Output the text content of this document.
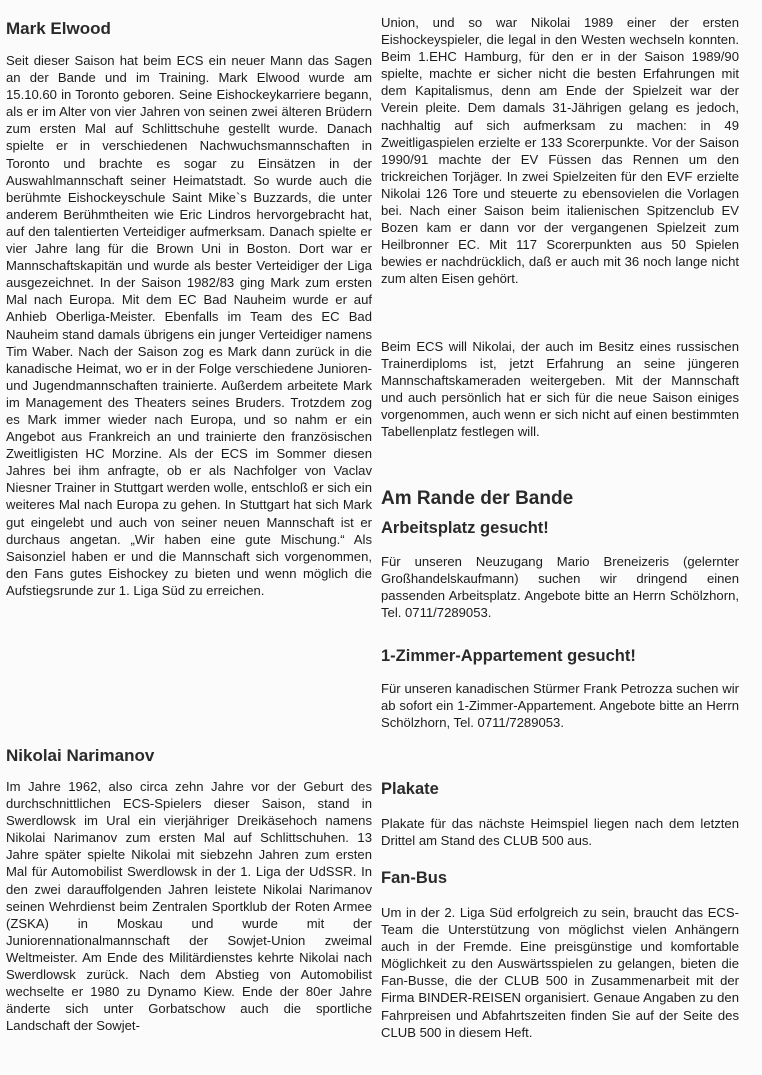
Mark Elwood

Seit dieser Saison hat beim ECS ein neuer Mann das Sagen an der Bande und im Training. Mark Elwood wurde am 15.10.60 in Toronto geboren. Seine Eishockeykarriere begann, als er im Alter von vier Jahren von seinen zwei älteren Brüdern zum ersten Mal auf Schlittschuhe gestellt wurde. Danach spielte er in verschiedenen Nachwuchsmannschaften in Toronto und brachte es sogar zu Einsätzen in der Auswahlmannschaft seiner Heimatstadt. So wurde auch die berühmte Eishockeyschule Saint Mike`s Buzzards, die unter anderem Berühmtheiten wie Eric Lindros hervorgebracht hat, auf den talentierten Verteidiger aufmerksam. Danach spielte er vier Jahre lang für die Brown Uni in Boston. Dort war er Mannschaftskapitän und wurde als bester Verteidiger der Liga ausgezeichnet. In der Saison 1982/83 ging Mark zum ersten Mal nach Europa. Mit dem EC Bad Nauheim wurde er auf Anhieb Oberliga-Meister. Ebenfalls im Team des EC Bad Nauheim stand damals übrigens ein junger Verteidiger namens Tim Waber. Nach der Saison zog es Mark dann zurück in die kanadische Heimat, wo er in der Folge verschiedene Junioren- und Jugendmannschaften trainierte. Außerdem arbeitete Mark im Management des Theaters seines Bruders. Trotzdem zog es Mark immer wieder nach Europa, und so nahm er ein Angebot aus Frankreich an und trainierte den französischen Zweitligisten HC Morzine. Als der ECS im Sommer diesen Jahres bei ihm anfragte, ob er als Nachfolger von Vaclav Niesner Trainer in Stuttgart werden wolle, entschloß er sich ein weiteres Mal nach Europa zu gehen. In Stuttgart hat sich Mark gut eingelebt und auch von seiner neuen Mannschaft ist er durchaus angetan. „Wir haben eine gute Mischung.“ Als Saisonziel haben er und die Mannschaft sich vorgenommen, den Fans gutes Eishockey zu bieten und wenn möglich die Aufstiegsrunde zur 1. Liga Süd zu erreichen.

Nikolai Narimanov

Im Jahre 1962, also circa zehn Jahre vor der Geburt des durchschnittlichen ECS-Spielers dieser Saison, stand in Swerdlowsk im Ural ein vierjähriger Dreikäsehoch namens Nikolai Narimanov zum ersten Mal auf Schlittschuhen. 13 Jahre später spielte Nikolai mit siebzehn Jahren zum ersten Mal für Automobilist Swerdlowsk in der 1. Liga der UdSSR. In den zwei darauffolgenden Jahren leistete Nikolai Narimanov seinen Wehrdienst beim Zentralen Sportklub der Roten Armee (ZSKA) in Moskau und wurde mit der Juniorennationalmannschaft der Sowjet-Union zweimal Weltmeister. Am Ende des Militärdienstes kehrte Nikolai nach Swerdlowsk zurück. Nach dem Abstieg von Automobilist wechselte er 1980 zu Dynamo Kiew. Ende der 80er Jahre änderte sich unter Gorbatschow auch die sportliche Landschaft der Sowjet-

Union, und so war Nikolai 1989 einer der ersten Eishockeyspieler, die legal in den Westen wechseln konnten. Beim 1.EHC Hamburg, für den er in der Saison 1989/90 spielte, machte er sicher nicht die besten Erfahrungen mit dem Kapitalismus, denn am Ende der Spielzeit war der Verein pleite. Dem damals 31-Jährigen gelang es jedoch, nachhaltig auf sich aufmerksam zu machen: in 49 Zweitligaspielen erzielte er 133 Scorerpunkte. Vor der Saison 1990/91 machte der EV Füssen das Rennen um den trickreichen Torjäger. In zwei Spielzeiten für den EVF erzielte Nikolai 126 Tore und steuerte zu ebensovielen die Vorlagen bei. Nach einer Saison beim italienischen Spitzenclub EV Bozen kam er dann vor der vergangenen Spielzeit zum Heilbronner EC. Mit 117 Scorerpunkten aus 50 Spielen bewies er nachdrücklich, daß er auch mit 36 noch lange nicht zum alten Eisen gehört.

Beim ECS will Nikolai, der auch im Besitz eines russischen Trainerdiploms ist, jetzt Erfahrung an seine jüngeren Mannschaftskameraden weitergeben. Mit der Mannschaft und auch persönlich hat er sich für die neue Saison einiges vorgenommen, auch wenn er sich nicht auf einen bestimmten Tabellenplatz festlegen will.

Am Rande der Bande
Arbeitsplatz gesucht!

Für unseren Neuzugang Mario Breneizeris (gelernter Großhandelskaufmann) suchen wir dringend einen passenden Arbeitsplatz. Angebote bitte an Herrn Schölzhorn, Tel. 0711/7289053.

1-Zimmer-Appartement gesucht!

Für unseren kanadischen Stürmer Frank Petrozza suchen wir ab sofort ein 1-Zimmer-Appartement. Angebote bitte an Herrn Schölzhorn, Tel. 0711/7289053.

Plakate

Plakate für das nächste Heimspiel liegen nach dem letzten Drittel am Stand des CLUB 500 aus.

Fan-Bus

Um in der 2. Liga Süd erfolgreich zu sein, braucht das ECS-Team die Unterstützung von möglichst vielen Anhängern auch in der Fremde. Eine preisgünstige und komfortable Möglichkeit zu den Auswärtsspielen zu gelangen, bieten die Fan-Busse, die der CLUB 500 in Zusammenarbeit mit der Firma BINDER-REISEN organisiert. Genaue Angaben zu den Fahrpreisen und Abfahrtszeiten finden Sie auf der Seite des CLUB 500 in diesem Heft.
